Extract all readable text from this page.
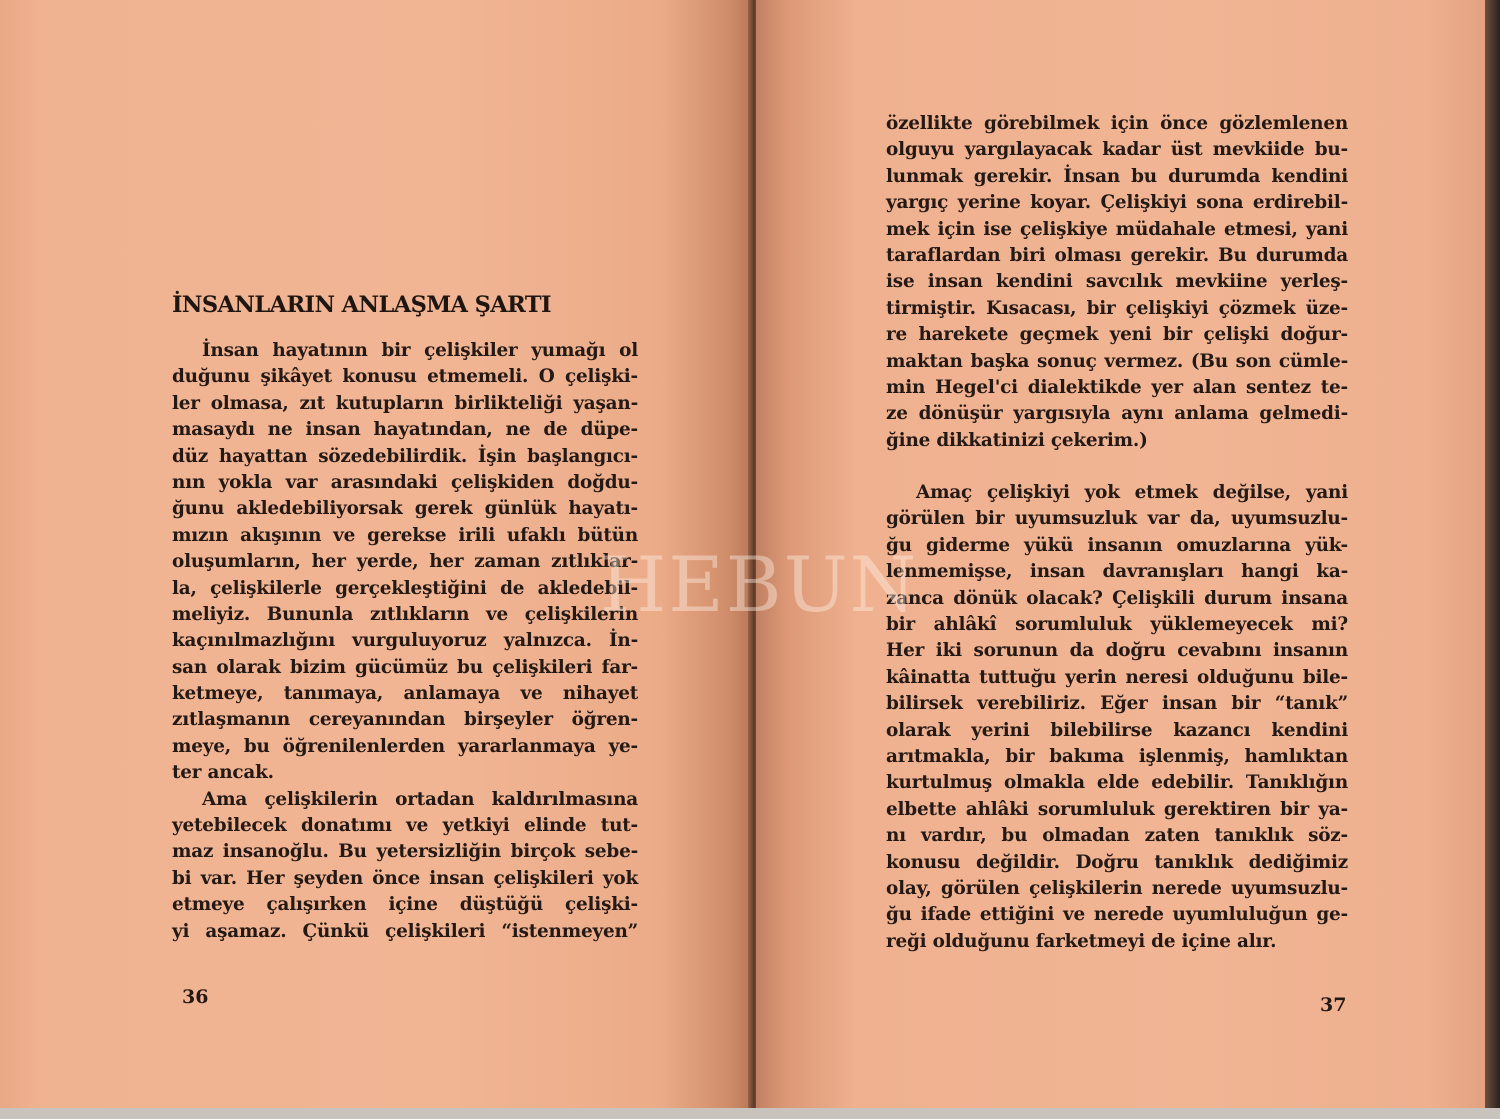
İNSANLARIN ANLAŞMA ŞARTI
İnsan hayatının bir çelişkiler yumağı ol
duğunu şikâyet konusu etmemeli. O çelişki-
ler olmasa, zıt kutupların birlikteliği yaşan-
masaydı ne insan hayatından, ne de düpe-
düz hayattan sözedebilirdik. İşin başlangıcı-
nın yokla var arasındaki çelişkiden doğdu-
ğunu akledebiliyorsak gerek günlük hayatı-
mızın akışının ve gerekse irili ufaklı bütün
oluşumların, her yerde, her zaman zıtlıklar-
la, çelişkilerle gerçekleştiğini de akledebil-
meliyiz. Bununla zıtlıkların ve çelişkilerin
kaçınılmazlığını vurguluyoruz yalnızca. İn-
san olarak bizim gücümüz bu çelişkileri far-
ketmeye, tanımaya, anlamaya ve nihayet
zıtlaşmanın cereyanından birşeyler öğren-
meye, bu öğrenilenlerden yararlanmaya ye-
ter ancak.
Ama çelişkilerin ortadan kaldırılmasına
yetebilecek donatımı ve yetkiyi elinde tut-
maz insanoğlu. Bu yetersizliğin birçok sebe-
bi var. Her şeyden önce insan çelişkileri yok
etmeye çalışırken içine düştüğü çelişki-
yi aşamaz. Çünkü çelişkileri “istenmeyen”
özellikte görebilmek için önce gözlemlenen
olguyu yargılayacak kadar üst mevkiide bu-
lunmak gerekir. İnsan bu durumda kendini
yargıç yerine koyar. Çelişkiyi sona erdirebil-
mek için ise çelişkiye müdahale etmesi, yani
taraflardan biri olması gerekir. Bu durumda
ise insan kendini savcılık mevkiine yerleş-
tirmiştir. Kısacası, bir çelişkiyi çözmek üze-
re harekete geçmek yeni bir çelişki doğur-
maktan başka sonuç vermez. (Bu son cümle-
min Hegel'ci dialektikde yer alan sentez te-
ze dönüşür yargısıyla aynı anlama gelmedi-
ğine dikkatinizi çekerim.)
Amaç çelişkiyi yok etmek değilse, yani
görülen bir uyumsuzluk var da, uyumsuzlu-
ğu giderme yükü insanın omuzlarına yük-
lenmemişse, insan davranışları hangi ka-
zanca dönük olacak? Çelişkili durum insana
bir ahlâkî sorumluluk yüklemeyecek mi?
Her iki sorunun da doğru cevabını insanın
kâinatta tuttuğu yerin neresi olduğunu bile-
bilirsek verebiliriz. Eğer insan bir “tanık”
olarak yerini bilebilirse kazancı kendini
arıtmakla, bir bakıma işlenmiş, hamlıktan
kurtulmuş olmakla elde edebilir. Tanıklığın
elbette ahlâki sorumluluk gerektiren bir ya-
nı vardır, bu olmadan zaten tanıklık söz-
konusu değildir. Doğru tanıklık dediğimiz
olay, görülen çelişkilerin nerede uyumsuzlu-
ğu ifade ettiğini ve nerede uyumluluğun ge-
reği olduğunu farketmeyi de içine alır.
36	37
HEBUN
